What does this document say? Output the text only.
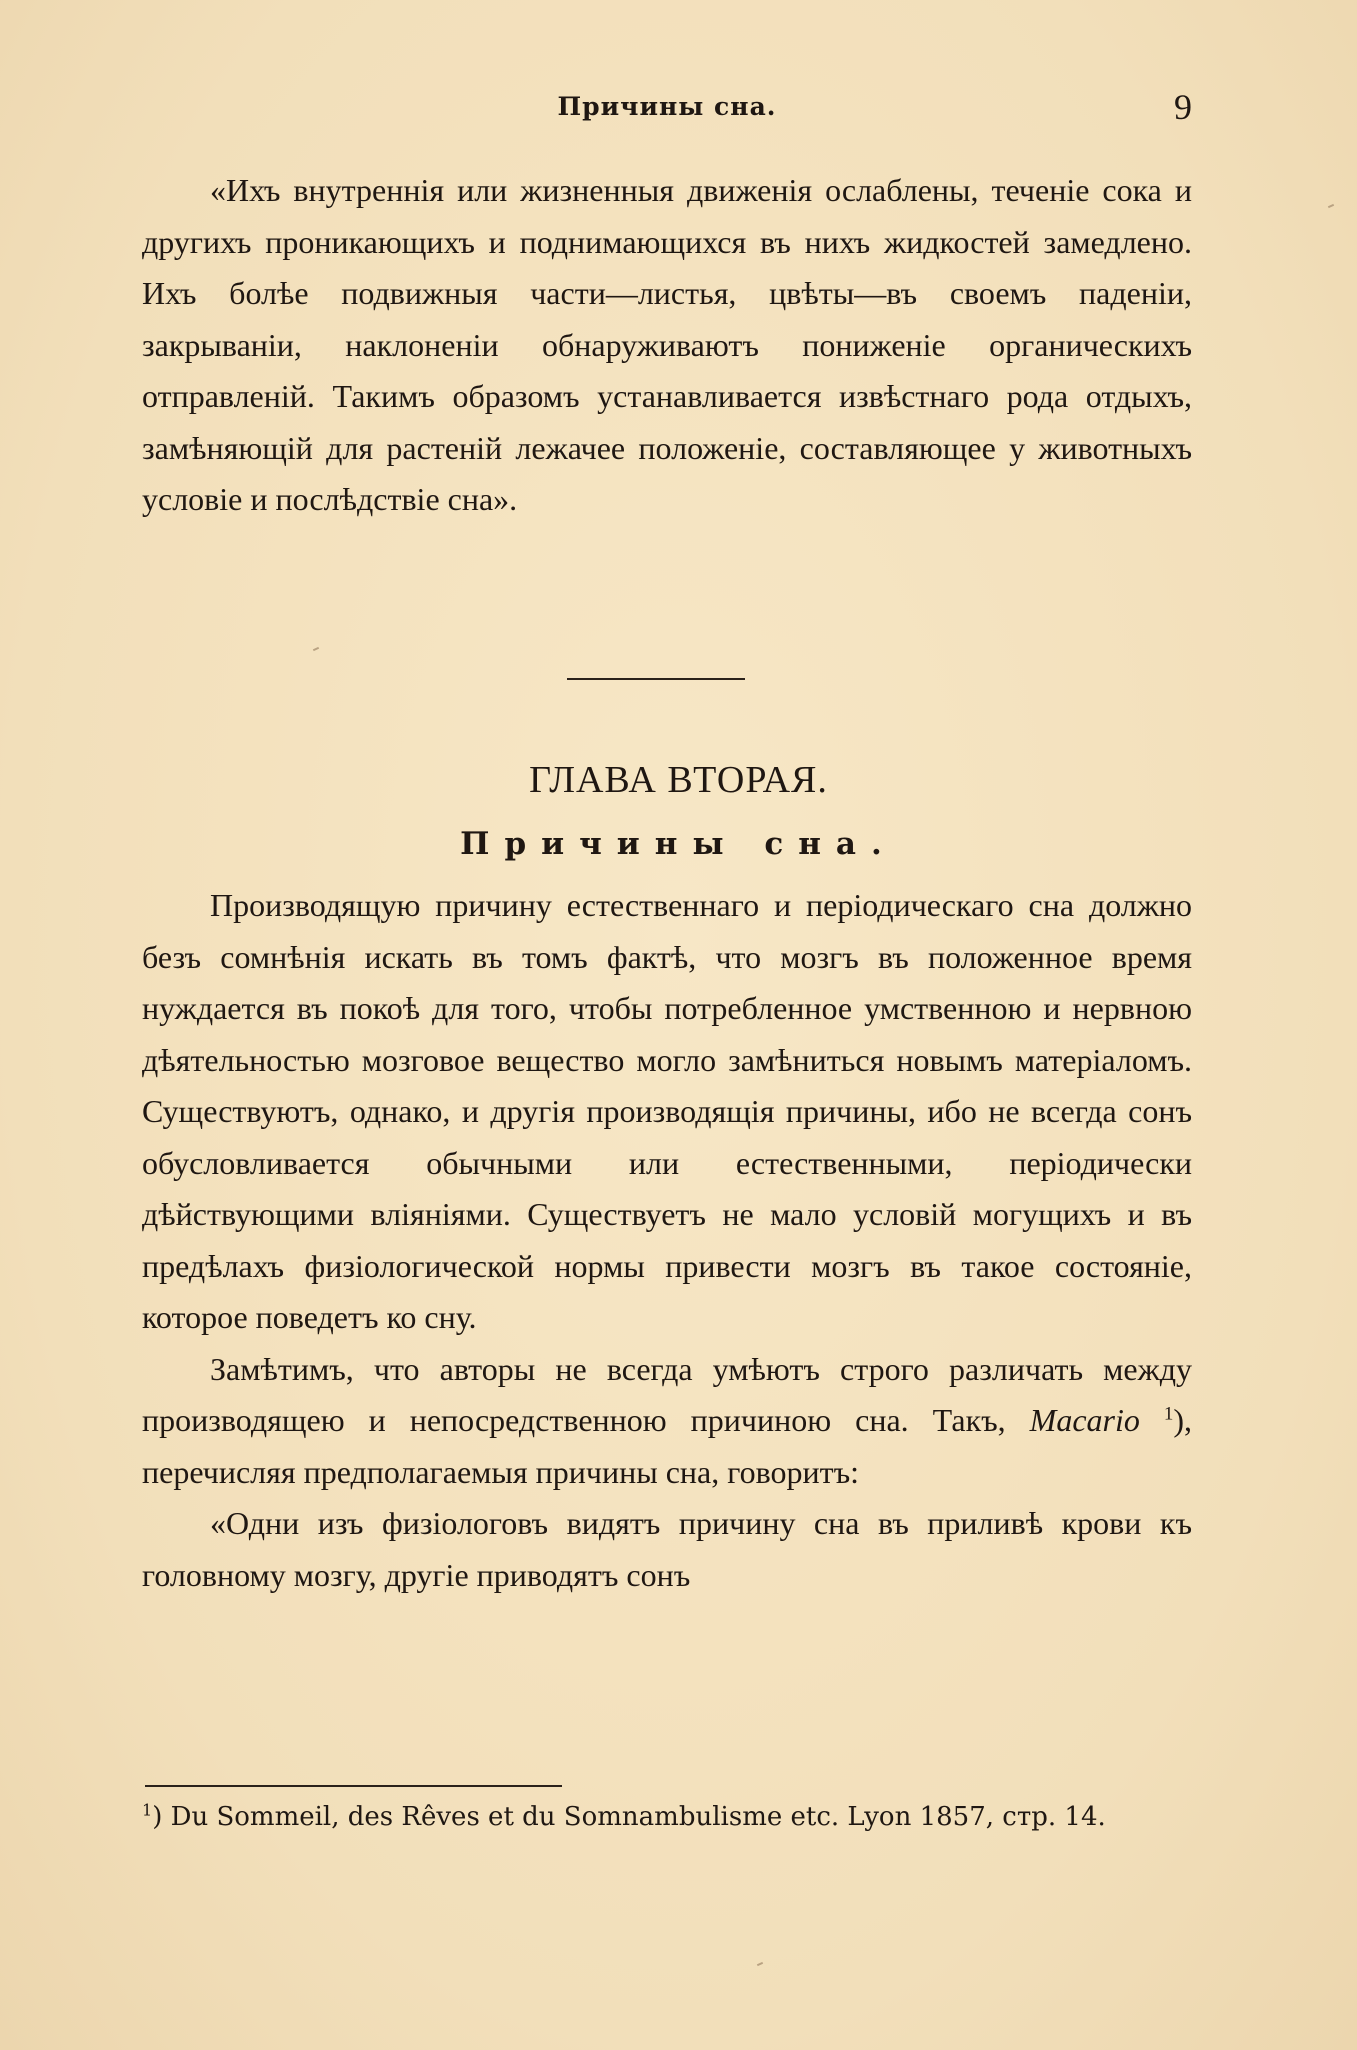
Причины сна.	9

«Ихъ внутреннія или жизненныя движенія ослаблены, теченіе сока и другихъ проникающихъ и поднимающихся въ нихъ жидкостей замедлено. Ихъ болѣе подвижныя части—листья, цвѣты—въ своемъ паденіи, закрываніи, наклоненіи обнаруживаютъ пониженіе органическихъ отправленій. Такимъ образомъ устанавливается извѣстнаго рода отдыхъ, замѣняющій для растеній лежачее положеніе, составляющее у животныхъ условіе и послѣдствіе сна».

ГЛАВА ВТОРАЯ.
Причины сна.

Производящую причину естественнаго и періодическаго сна должно безъ сомнѣнія искать въ томъ фактѣ, что мозгъ въ положенное время нуждается въ покоѣ для того, чтобы потребленное умственною и нервною дѣятельностью мозговое вещество могло замѣниться новымъ матеріаломъ. Существуютъ, однако, и другія производящія причины, ибо не всегда сонъ обусловливается обычными или естественными, періодически дѣйствующими вліяніями. Существуетъ не мало условій могущихъ и въ предѣлахъ физіологической нормы привести мозгъ въ такое состояніе, которое поведетъ ко сну.

Замѣтимъ, что авторы не всегда умѣютъ строго различать между производящею и непосредственною причиною сна. Такъ, Macario $^1$), перечисляя предполагаемыя причины сна, говоритъ:

«Одни изъ физіологовъ видятъ причину сна въ приливѣ крови къ головному мозгу, другіе приводятъ сонъ

$^1$) Du Sommeil, des Rêves et du Somnambulisme etc. Lyon 1857, стр. 14.
